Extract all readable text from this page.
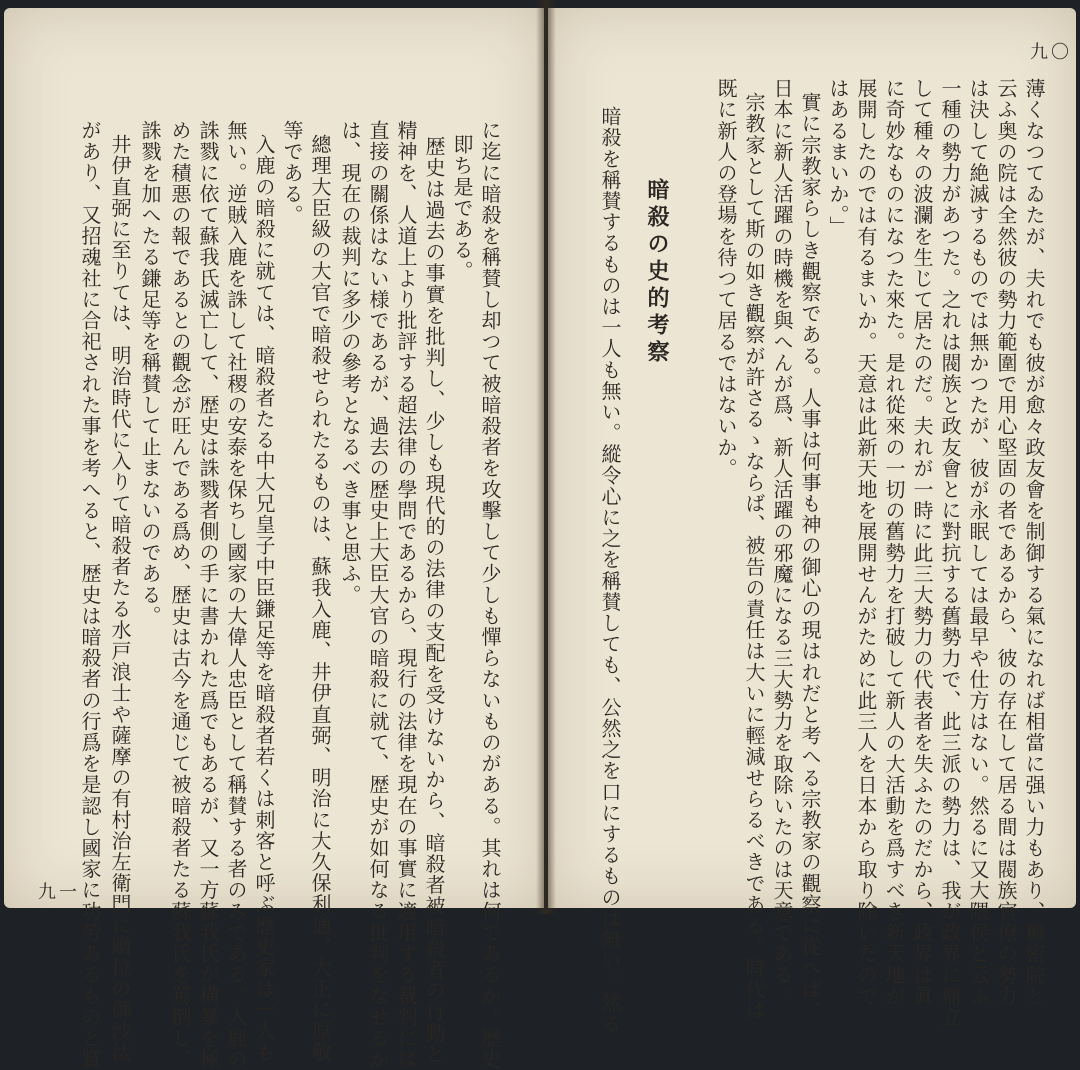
に迄に暗殺を稱賛し却つて被暗殺者を攻擊して少しも憚らないものがある。其れは何であるか。歴史
即ち是である。
歴史は過去の事實を批判し、少しも現代的の法律の支配を受けないから、暗殺者被暗殺者の行動と
精神を、人道上より批評する超法律の學問であるから、現行の法律を現在の事實に適用する裁判には
直接の關係はない様であるが、過去の歴史上大臣大官の暗殺に就て、歴史が如何なる批判をなせるか
は、現在の裁判に多少の參考となるべき事と思ふ。
總理大臣級の大官で暗殺せられたるものは、蘇我入鹿、井伊直弼、明治に大久保利通、大正に原敬
等である。
入鹿の暗殺に就ては、暗殺者たる中大兄皇子中臣鎌足等を暗殺者若くは刺客と呼ぶ歴史家は一人も
無い。逆賊入鹿を誅して社稷の安泰を保ちし國家の大偉人忠臣として稱賛する者のみである。入鹿の
誅戮に依て蘇我氏滅亡して、歴史は誅戮者側の手に書かれた爲でもあるが、又一方蘇我氏が横暴を極
めた積悪の報であるとの觀念が旺んである爲め、歴史は古今を通じて被暗殺者たる蘇我氏を罵倒し、
誅戮を加へたる鎌足等を稱賛して止まないのである。
井伊直弼に至りては、明治時代に入りて暗殺者たる水戸浪士や薩摩の有村治左衛門に贈位の御沙汰
があり、又招魂社に合祀された事を考へると、歴史は暗殺者の行爲を是認し國家に功勞あるものと賞
九一	薄くなつてゐたが、夫れでも彼が愈々政友會を制御する氣になれば相當に强い力もあり、樞密院と
云ふ奥の院は全然彼の勢力範圍で用心堅固の者であるから、彼の存在して居る間は閥族官僚の勢力
は決して絶滅するものでは無かつたが、彼が永眠しては最早や仕方はない。然るに又大隈侯と云ふ
一種の勢力があつた。之れは閥族と政友會とに對抗する舊勢力で、此三派の勢力は、我が政界に鼎立
して種々の波瀾を生じて居たのだ。夫れが一時に此三大勢力の代表者を失ふたのだから、政界は眞
に奇妙なものになつた來た。是れ從來の一切の舊勢力を打破して新人の大活動を爲すべき新天地が
展開したのでは有るまいか。天意は此新天地を展開せんがために此三人を日本から取り除いたので
はあるまいか。」
實に宗教家らしき觀察である。人事は何事も神の御心の現はれだと考へる宗教家の觀察に從へば、
日本に新人活躍の時機を與へんが爲、新人活躍の邪魔になる三大勢力を取除いたのは天意である。
宗教家として斯の如き觀察が許さるゝならば、被告の責任は大いに輕減せらるべきである。時代は
既に新人の登場を待つて居るではないか。
暗殺の史的考察
暗殺を稱賛するものは一人も無い。縱令心に之を稱賛しても、公然之を口にするものは無い。然る
九〇
